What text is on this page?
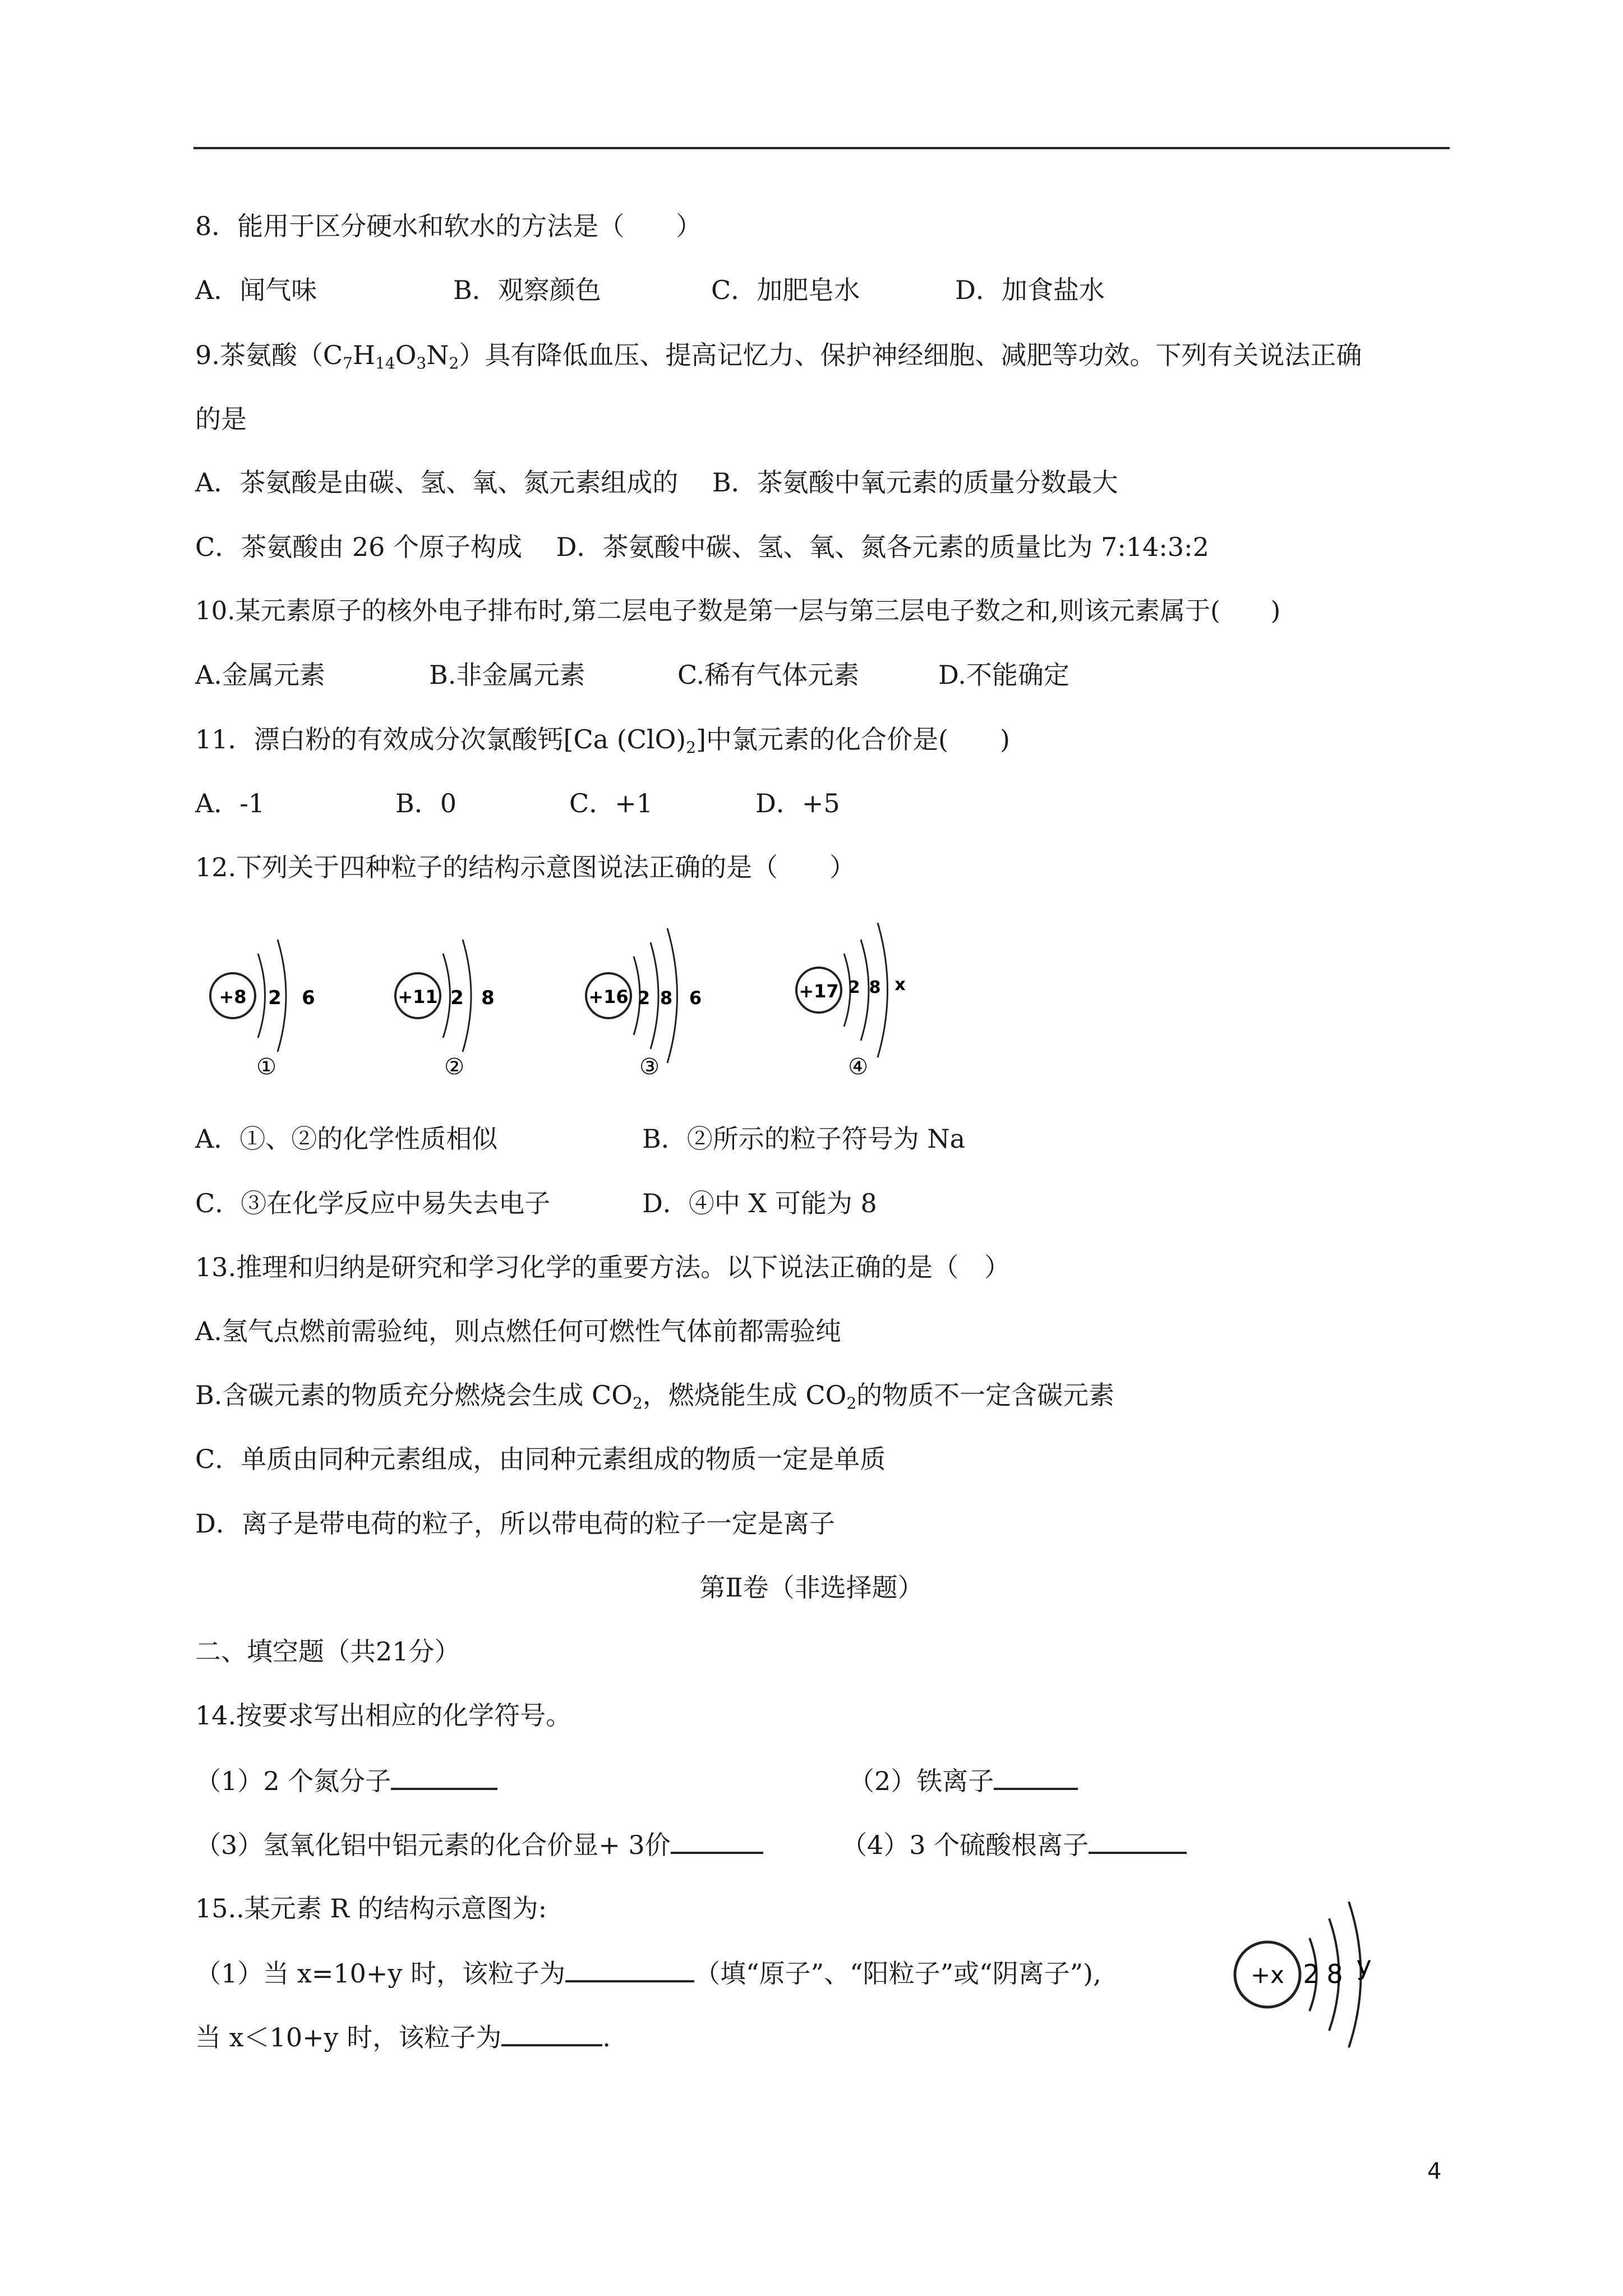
8．能用于区分硬水和软水的方法是（　　）
A．闻气味	B．观察颜色	C．加肥皂水	D．加食盐水
9.茶氨酸$(C_7H_{14}O_3N_2)$具有降低血压、提高记忆力、保护神经细胞、减肥等功效。下列有关说法正确
的是
A．茶氨酸是由碳、氢、氧、氮元素组成的　 B．茶氨酸中氧元素的质量分数最大
C．茶氨酸由 26 个原子构成　 D．茶氨酸中碳、氢、氧、氮各元素的质量比为 7:14:3:2
10.某元素原子的核外电子排布时,第二层电子数是第一层与第三层电子数之和,则该元素属于(　　)
A.金属元素	B.非金属元素	C.稀有气体元素	D.不能确定
11．漂白粉的有效成分次氯酸钙[Ca $(ClO)_2$]中氯元素的化合价是(　　)
A．-1	B．0	C．+1	D．+5
12.下列关于四种粒子的结构示意图说法正确的是（　　）
+8 2 6
①
+11 2 8
②
+16 2 8 6
③
+17 2 8 x
④
A．①、②的化学性质相似	B．②所示的粒子符号为 Na
C．③在化学反应中易失去电子	D．④中 X 可能为 8
13.推理和归纳是研究和学习化学的重要方法。以下说法正确的是（　）
A.氢气点燃前需验纯，则点燃任何可燃性气体前都需验纯
B.含碳元素的物质充分燃烧会生成 $CO_2$，燃烧能生成 $CO_2$的物质不一定含碳元素
C．单质由同种元素组成，由同种元素组成的物质一定是单质
D．离子是带电荷的粒子，所以带电荷的粒子一定是离子
第Ⅱ卷（非选择题）
二、填空题（共21分）
14.按要求写出相应的化学符号。
（1）2 个氮分子	（2）铁离子
（3）氢氧化铝中铝元素的化合价显+ 3价	（4）3 个硫酸根离子
15..某元素 R 的结构示意图为:
（1）当 x=10+y 时，该粒子为	（填“原子”、“阳粒子”或“阴离子”),
当 x＜10+y 时，该粒子为	.
+x 2 8 y
4
